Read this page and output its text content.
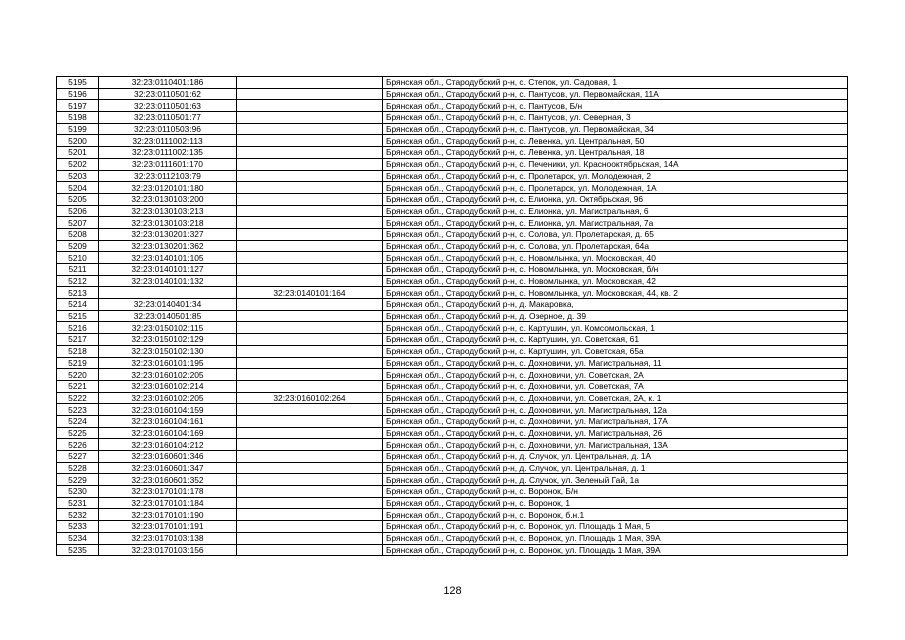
5195	32:23:0110401:186		Брянская обл., Стародубский р-н, с. Степок, ул. Садовая, 1
5196	32:23:0110501:62		Брянская обл., Стародубский р-н, с. Пантусов, ул. Первомайская, 11А
5197	32:23:0110501:63		Брянская обл., Стародубский р-н, с. Пантусов, Б/н
5198	32:23:0110501:77		Брянская обл., Стародубский р-н, с. Пантусов, ул. Северная, 3
5199	32:23:0110503:96		Брянская обл., Стародубский р-н, с. Пантусов, ул. Первомайская, 34
5200	32:23:0111002:113		Брянская обл., Стародубский р-н, с. Левенка, ул. Центральная, 50
5201	32:23:0111002:135		Брянская обл., Стародубский р-н, с. Левенка, ул. Центральная, 18
5202	32:23:0111601:170		Брянская обл., Стародубский р-н, с. Печеники, ул. Краснооктябрьская, 14А
5203	32:23:0112103:79		Брянская обл., Стародубский р-н, с. Пролетарск, ул. Молодежная, 2
5204	32:23:0120101:180		Брянская обл., Стародубский р-н, с. Пролетарск, ул. Молодежная, 1А
5205	32:23:0130103:200		Брянская обл., Стародубский р-н, с. Елионка, ул. Октябрьская, 96
5206	32:23:0130103:213		Брянская обл., Стародубский р-н, с. Елионка, ул. Магистральная, 6
5207	32:23:0130103:218		Брянская обл., Стародубский р-н, с. Елионка, ул. Магистральная, 7а
5208	32:23:0130201:327		Брянская обл., Стародубский р-н, с. Солова, ул. Пролетарская, д. 65
5209	32:23:0130201:362		Брянская обл., Стародубский р-н, с. Солова, ул. Пролетарская, 64а
5210	32:23:0140101:105		Брянская обл., Стародубский р-н, с. Новомлынка, ул. Московская, 40
5211	32:23:0140101:127		Брянская обл., Стародубский р-н, с. Новомлынка, ул. Московская, б/н
5212	32:23:0140101:132		Брянская обл., Стародубский р-н, с. Новомлынка, ул. Московская, 42
5213		32:23:0140101:164	Брянская обл., Стародубский р-н, с. Новомлынка, ул. Московская, 44, кв. 2
5214	32:23:0140401:34		Брянская обл., Стародубский р-н, д. Макаровка,
5215	32:23:0140501:85		Брянская обл., Стародубский р-н, д. Озерное, д. 39
5216	32:23:0150102:115		Брянская обл., Стародубский р-н, с. Картушин, ул. Комсомольская, 1
5217	32:23:0150102:129		Брянская обл., Стародубский р-н, с. Картушин, ул. Советская, 61
5218	32:23:0150102:130		Брянская обл., Стародубский р-н, с. Картушин, ул. Советская, 65а
5219	32:23:0160101:195		Брянская обл., Стародубский р-н, с. Дохновичи, ул. Магистральная, 11
5220	32:23:0160102:205		Брянская обл., Стародубский р-н, с. Дохновичи, ул. Советская, 2А
5221	32:23:0160102:214		Брянская обл., Стародубский р-н, с. Дохновичи, ул. Советская, 7А
5222	32:23:0160102:205	32:23:0160102:264	Брянская обл., Стародубский р-н, с. Дохновичи, ул. Советская, 2А, к. 1
5223	32:23:0160104:159		Брянская обл., Стародубский р-н, с. Дохновичи, ул. Магистральная, 12а
5224	32:23:0160104:161		Брянская обл., Стародубский р-н, с. Дохновичи, ул. Магистральная, 17А
5225	32:23:0160104:169		Брянская обл., Стародубский р-н, с. Дохновичи, ул. Магистральная, 26
5226	32:23:0160104:212		Брянская обл., Стародубский р-н, с. Дохновичи, ул. Магистральная, 13А
5227	32:23:0160601:346		Брянская обл., Стародубский р-н, д. Случок, ул. Центральная, д. 1А
5228	32:23:0160601:347		Брянская обл., Стародубский р-н, д. Случок, ул. Центральная, д. 1
5229	32:23:0160601:352		Брянская обл., Стародубский р-н, д. Случок, ул. Зеленый Гай, 1а
5230	32:23:0170101:178		Брянская обл., Стародубский р-н, с. Воронок, Б/н
5231	32:23:0170101:184		Брянская обл., Стародубский р-н, с. Воронок, 1
5232	32:23:0170101:190		Брянская обл., Стародубский р-н, с. Воронок, б.н.1
5233	32:23:0170101:191		Брянская обл., Стародубский р-н, с. Воронок, ул. Площадь 1 Мая, 5
5234	32:23:0170103:138		Брянская обл., Стародубский р-н, с. Воронок, ул. Площадь 1 Мая, 39А
5235	32:23:0170103:156		Брянская обл., Стародубский р-н, с. Воронок, ул. Площадь 1 Мая, 39А
128
